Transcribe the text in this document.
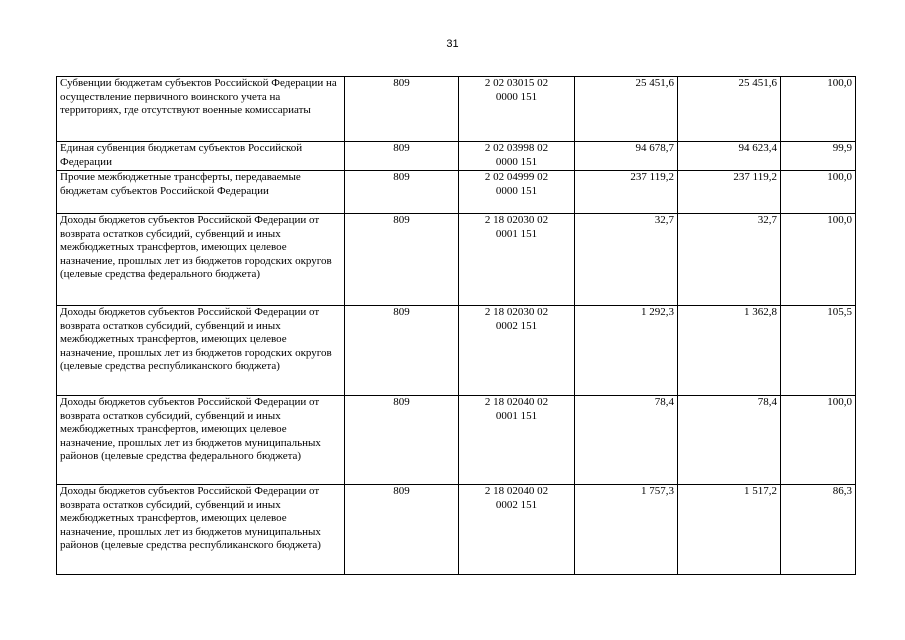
31
Субвенции бюджетам субъектов Российской Федерации на осуществление первичного воинского учета на территориях, где отсутствуют военные комиссариаты	809	2 02 03015 02
0000 151	25 451,6	25 451,6	100,0
Единая субвенция бюджетам субъектов Российской Федерации	809	2 02 03998 02
0000 151	94 678,7	94 623,4	99,9
Прочие межбюджетные трансферты, передаваемые бюджетам субъектов Российской Федерации	809	2 02 04999 02
0000 151	237 119,2	237 119,2	100,0
Доходы бюджетов субъектов Российской Федерации от возврата остатков субсидий, субвенций и иных межбюджетных трансфертов, имеющих целевое назначение, прошлых лет из бюджетов городских округов (целевые средства федерального бюджета)	809	2 18 02030 02
0001 151	32,7	32,7	100,0
Доходы бюджетов субъектов Российской Федерации от возврата остатков субсидий, субвенций и иных межбюджетных трансфертов, имеющих целевое назначение, прошлых лет из бюджетов городских округов (целевые средства республиканского бюджета)	809	2 18 02030 02
0002 151	1 292,3	1 362,8	105,5
Доходы бюджетов субъектов Российской Федерации от возврата остатков субсидий, субвенций и иных межбюджетных трансфертов, имеющих целевое назначение, прошлых лет из бюджетов муниципальных районов (целевые средства федерального бюджета)	809	2 18 02040 02
0001 151	78,4	78,4	100,0
Доходы бюджетов субъектов Российской Федерации от возврата остатков субсидий, субвенций и иных межбюджетных трансфертов, имеющих целевое назначение, прошлых лет из бюджетов муниципальных районов (целевые средства республиканского бюджета)	809	2 18 02040 02
0002 151	1 757,3	1 517,2	86,3
